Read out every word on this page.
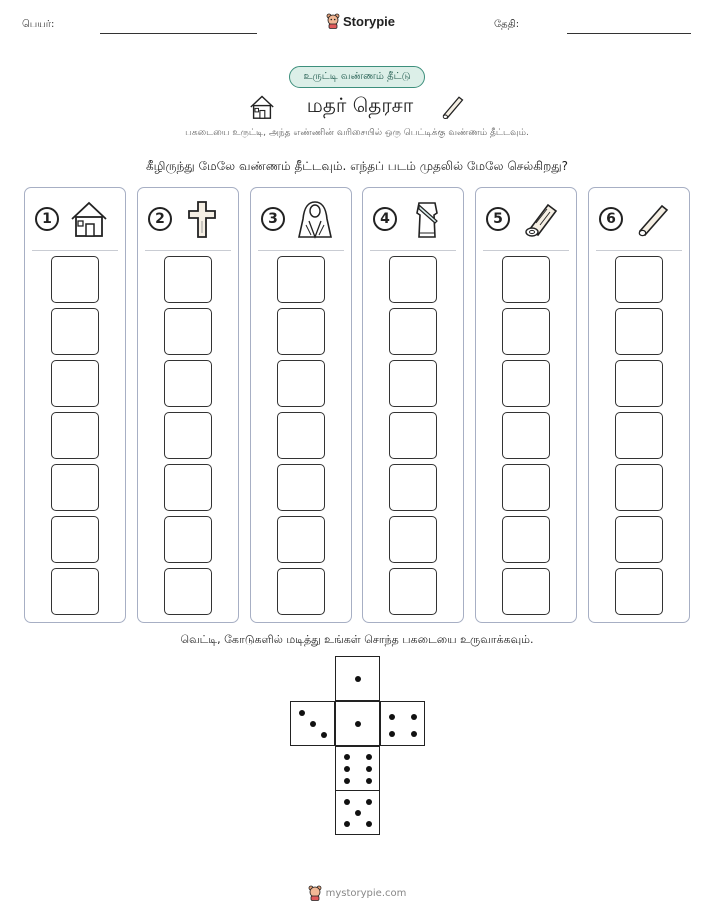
பெயர்:	Storypie	தேதி:
உருட்டி வண்ணம் தீட்டு
மதர் தெரசா
பகடையை உருட்டி, அந்த எண்ணின் வரிசையில் ஒரு பெட்டிக்கு வண்ணம் தீட்டவும்.
கீழிருந்து மேலே வண்ணம் தீட்டவும். எந்தப் படம் முதலில் மேலே செல்கிறது?
1	2	3	4	5	6
வெட்டி, கோடுகளில் மடித்து உங்கள் சொந்த பகடையை உருவாக்கவும்.
mystorypie.com
